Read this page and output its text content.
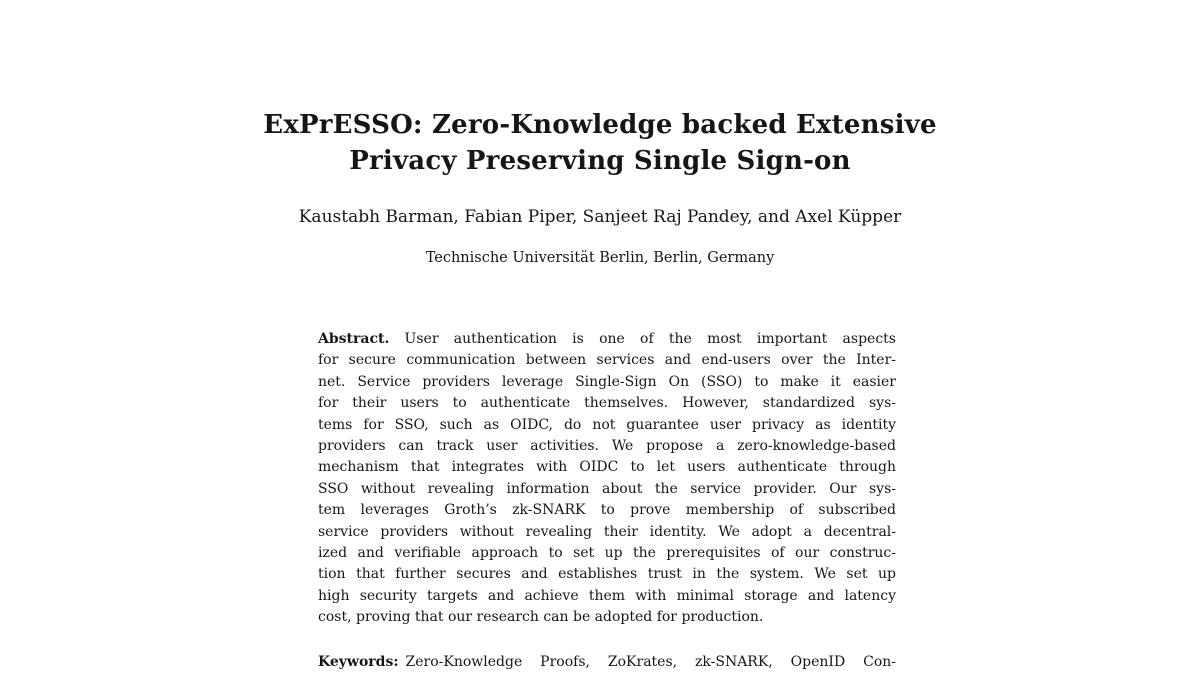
ExPrESSO: Zero-Knowledge backed Extensive
Privacy Preserving Single Sign-on
Kaustabh Barman, Fabian Piper, Sanjeet Raj Pandey, and Axel Küpper
Technische Universität Berlin, Berlin, Germany
Abstract. User authentication is one of the most important aspects
for secure communication between services and end-users over the Inter-
net. Service providers leverage Single-Sign On (SSO) to make it easier
for their users to authenticate themselves. However, standardized sys-
tems for SSO, such as OIDC, do not guarantee user privacy as identity
providers can track user activities. We propose a zero-knowledge-based
mechanism that integrates with OIDC to let users authenticate through
SSO without revealing information about the service provider. Our sys-
tem leverages Groth’s zk-SNARK to prove membership of subscribed
service providers without revealing their identity. We adopt a decentral-
ized and verifiable approach to set up the prerequisites of our construc-
tion that further secures and establishes trust in the system. We set up
high security targets and achieve them with minimal storage and latency
cost, proving that our research can be adopted for production.
Keywords: Zero-Knowledge Proofs, ZoKrates, zk-SNARK, OpenID Con-
